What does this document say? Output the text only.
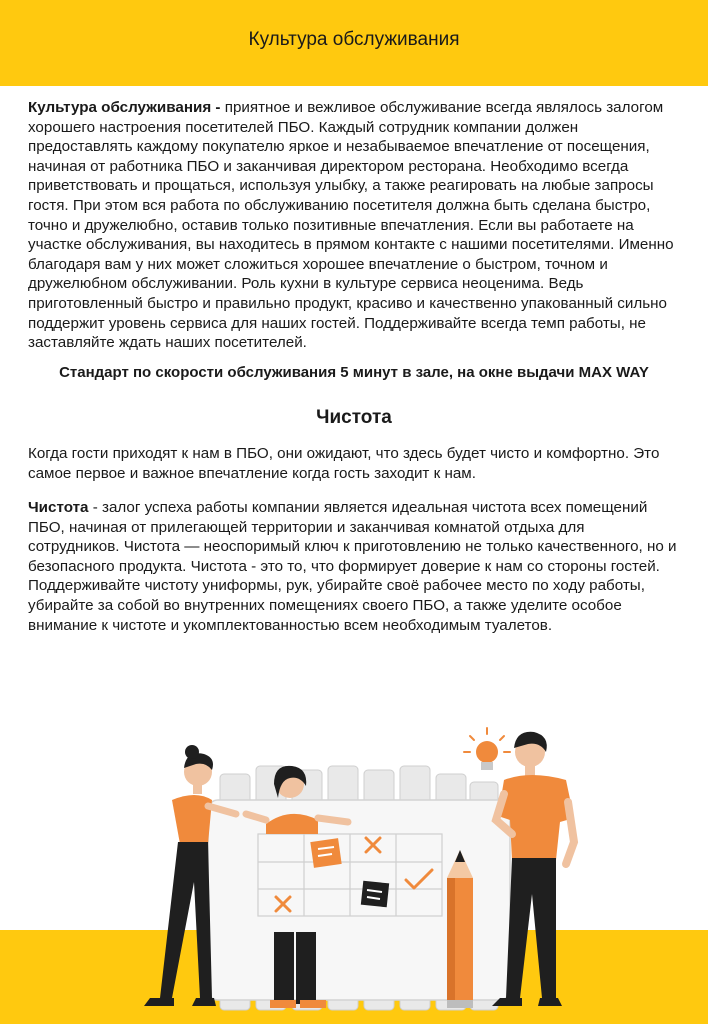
Культура обслуживания

Культура обслуживания - приятное и вежливое обслуживание всегда являлось залогом хорошего настроения посетителей ПБО. Каждый сотрудник компании должен предоставлять каждому покупателю яркое и незабываемое впечатление от посещения, начиная от работника ПБО и заканчивая директором ресторана. Необходимо всегда приветствовать и прощаться, используя улыбку, а также реагировать на любые запросы гостя. При этом вся работа по обслуживанию посетителя должна быть сделана быстро, точно и дружелюбно, оставив только позитивные впечатления. Если вы работаете на участке обслуживания, вы находитесь в прямом контакте с нашими посетителями. Именно благодаря вам у них может сложиться хорошее впечатление о быстром, точном и дружелюбном обслуживании. Роль кухни в культуре сервиса неоценима. Ведь приготовленный быстро и правильно продукт, красиво и качественно упакованный сильно поддержит уровень сервиса для наших гостей. Поддерживайте всегда темп работы, не заставляйте ждать наших посетителей.

Стандарт по скорости обслуживания 5 минут в зале, на окне выдачи MAX WAY

Чистота

Когда гости приходят к нам в ПБО, они ожидают, что здесь будет чисто и комфортно. Это самое первое и важное впечатление когда гость заходит к нам.

Чистота - залог успеха работы компании является идеальная чистота всех помещений ПБО, начиная от прилегающей территории и заканчивая комнатой отдыха для сотрудников. Чистота — неоспоримый ключ к приготовлению не только качественного, но и безопасного продукта. Чистота - это то, что формирует доверие к нам со стороны гостей. Поддерживайте чистоту униформы, рук, убирайте своё рабочее место по ходу работы, убирайте за собой во внутренних помещениях своего ПБО, а также уделите особое внимание к чистоте и укомплектованностью всем необходимым туалетов.
